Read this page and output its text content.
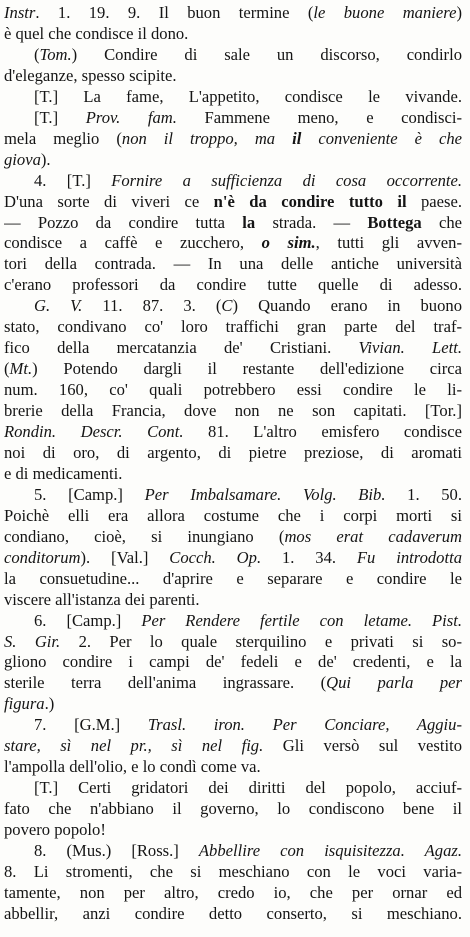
Instr. 1. 19. 9. Il buon termine (le buone maniere)
è quel che condisce il dono.
(Tom.) Condire di sale un discorso, condirlo
d'eleganze, spesso scipite.
[T.] La fame, L'appetito, condisce le vivande.
[T.] Prov. fam. Fammene meno, e condisci-
mela meglio (non il troppo, ma il conveniente è che
giova).
4. [T.] Fornire a sufficienza di cosa occorrente.
D'una sorte di viveri ce n'è da condire tutto il paese.
— Pozzo da condire tutta la strada. — Bottega che
condisce a caffè e zucchero, o sim., tutti gli avven-
tori della contrada. — In una delle antiche università
c'erano professori da condire tutte quelle di adesso.
G. V. 11. 87. 3. (C) Quando erano in buono
stato, condivano co' loro traffichi gran parte del traf-
fico della mercatanzia de' Cristiani. Vivian. Lett.
(Mt.) Potendo dargli il restante dell'edizione circa
num. 160, co' quali potrebbero essi condire le li-
brerie della Francia, dove non ne son capitati. [Tor.]
Rondin. Descr. Cont. 81. L'altro emisfero condisce
noi di oro, di argento, di pietre preziose, di aromati
e di medicamenti.
5. [Camp.] Per Imbalsamare. Volg. Bib. 1. 50.
Poichè elli era allora costume che i corpi morti si
condiano, cioè, si inungiano (mos erat cadaverum
conditorum). [Val.] Cocch. Op. 1. 34. Fu introdotta
la consuetudine... d'aprire e separare e condire le
viscere all'istanza dei parenti.
6. [Camp.] Per Rendere fertile con letame. Pist.
S. Gir. 2. Per lo quale sterquilino e privati si so-
gliono condire i campi de' fedeli e de' credenti, e la
sterile terra dell'anima ingrassare. (Qui parla per
figura.)
7. [G.M.] Trasl. iron. Per Conciare, Aggiu-
stare, sì nel pr., sì nel fig. Gli versò sul vestito
l'ampolla dell'olio, e lo condì come va.
[T.] Certi gridatori dei diritti del popolo, acciuf-
fato che n'abbiano il governo, lo condiscono bene il
povero popolo!
8. (Mus.) [Ross.] Abbellire con isquisitezza. Agaz.
8. Li stromenti, che si meschiano con le voci varia-
tamente, non per altro, credo io, che per ornar ed
abbellir, anzi condire detto conserto, si meschiano.
